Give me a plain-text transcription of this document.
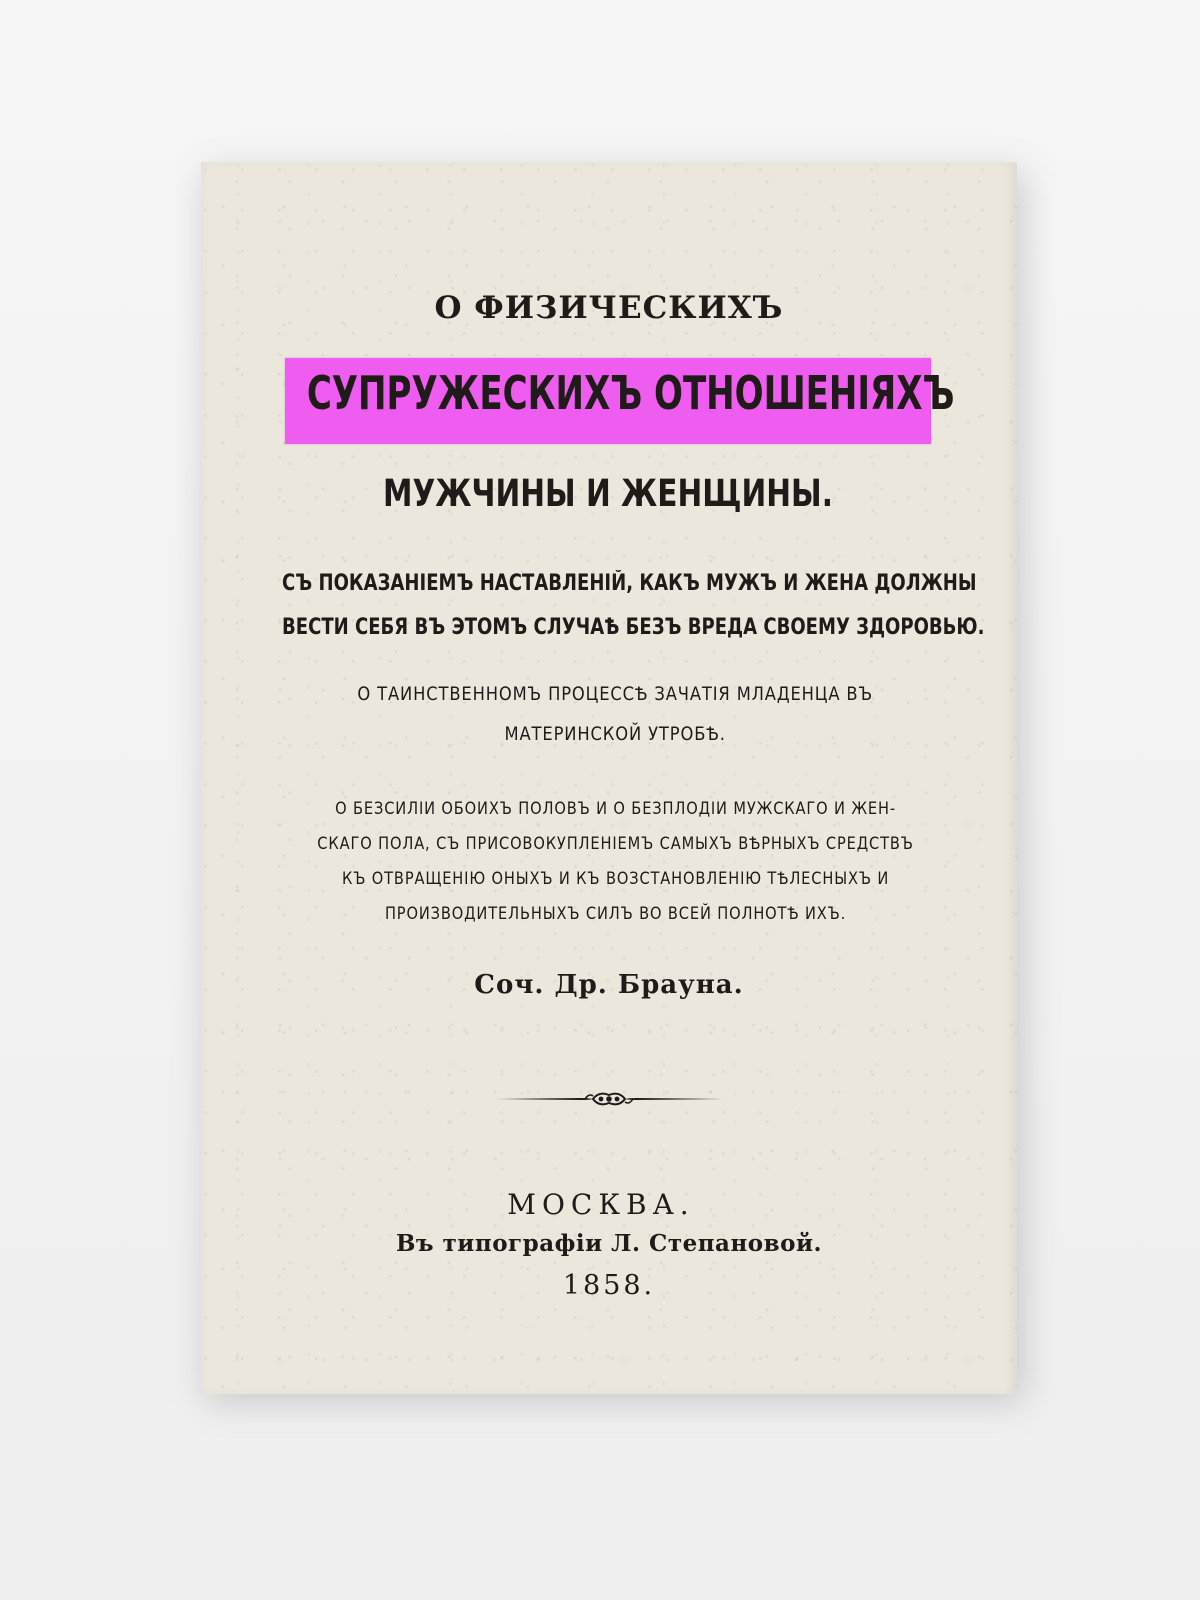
О ФИЗИЧЕСКИХЪ
СУПРУЖЕСКИХЪ ОТНОШЕНІЯХЪ
МУЖЧИНЫ И ЖЕНЩИНЫ.
СЪ ПОКАЗАНІЕМЪ НАСТАВЛЕНІЙ, КАКЪ МУЖЪ И ЖЕНА ДОЛЖНЫ
ВЕСТИ СЕБЯ ВЪ ЭТОМЪ СЛУЧАѢ БЕЗЪ ВРЕДА СВОЕМУ ЗДОРОВЬЮ.
О ТАИНСТВЕННОМЪ ПРОЦЕССѢ ЗАЧАТІЯ МЛАДЕНЦА ВЪ
МАТЕРИНСКОЙ УТРОБѢ.
О БЕЗСИЛІИ ОБОИХЪ ПОЛОВЪ И О БЕЗПЛОДІИ МУЖСКАГО И ЖЕН-
СКАГО ПОЛА, СЪ ПРИСОВОКУПЛЕНІЕМЪ САМЫХЪ ВѢРНЫХЪ СРЕДСТВЪ
КЪ ОТВРАЩЕНІЮ ОНЫХЪ И КЪ ВОЗСТАНОВЛЕНІЮ ТѢЛЕСНЫХЪ И
ПРОИЗВОДИТЕЛЬНЫХЪ СИЛЪ ВО ВСЕЙ ПОЛНОТѢ ИХЪ.
Соч. Др. Брауна.
МОСКВА.
Въ типографіи Л. Степановой.
1858.
